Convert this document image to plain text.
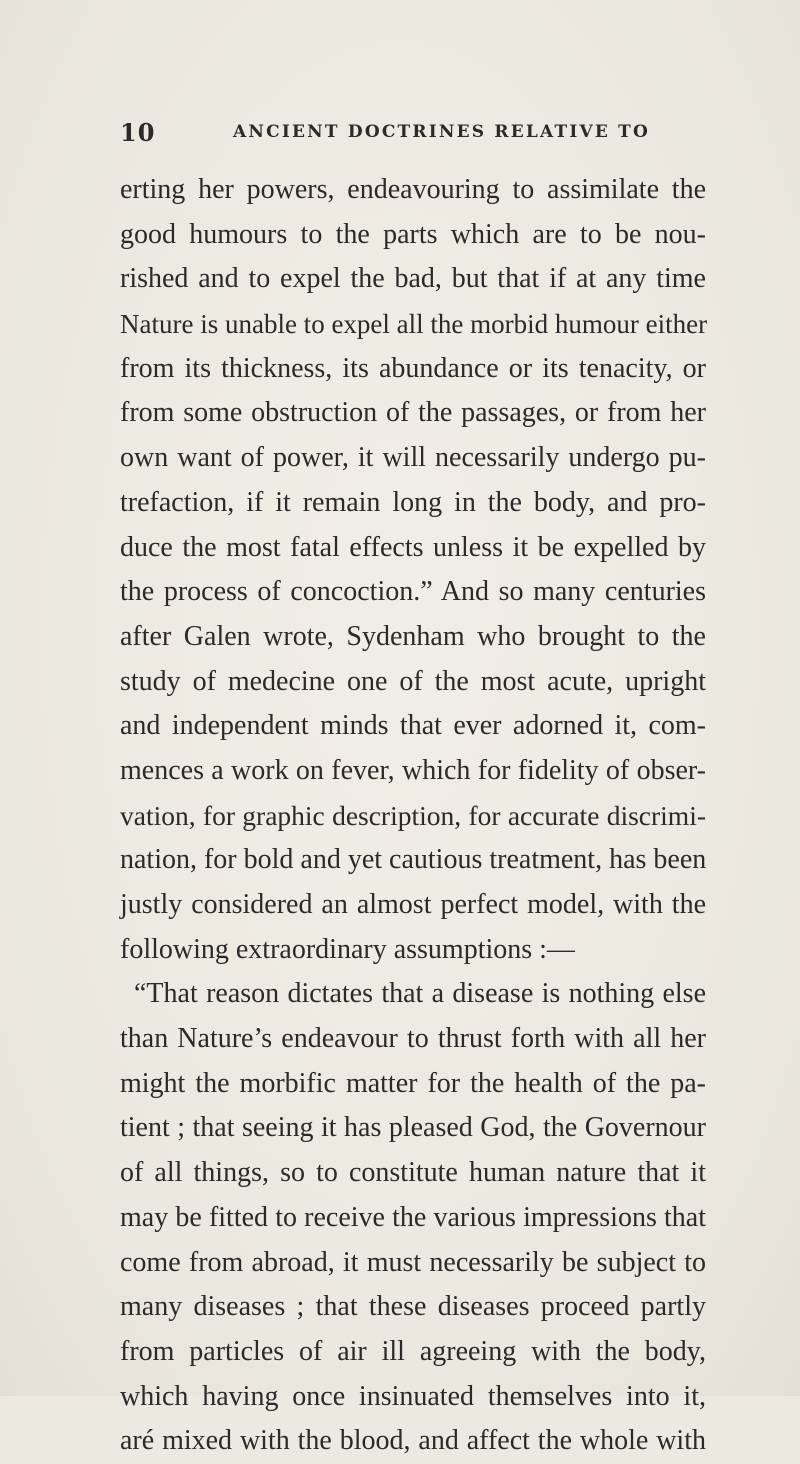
10	ANCIENT DOCTRINES RELATIVE TO
erting her powers, endeavouring to assimilate the
good humours to the parts which are to be nou-
rished and to expel the bad, but that if at any time
Nature is unable to expel all the morbid humour either
from its thickness, its abundance or its tenacity, or
from some obstruction of the passages, or from her
own want of power, it will necessarily undergo pu-
trefaction, if it remain long in the body, and pro-
duce the most fatal effects unless it be expelled by
the process of concoction.” And so many centuries
after Galen wrote, Sydenham who brought to the
study of medecine one of the most acute, upright
and independent minds that ever adorned it, com-
mences a work on fever, which for fidelity of obser-
vation, for graphic description, for accurate discrimi-
nation, for bold and yet cautious treatment, has been
justly considered an almost perfect model, with the
following extraordinary assumptions :—
“That reason dictates that a disease is nothing else
than Nature’s endeavour to thrust forth with all her
might the morbific matter for the health of the pa-
tient ; that seeing it has pleased God, the Governour
of all things, so to constitute human nature that it
may be fitted to receive the various impressions that
come from abroad, it must necessarily be subject to
many diseases ; that these diseases proceed partly
from particles of air ill agreeing with the body,
which having once insinuated themselves into it,
aré mixed with the blood, and affect the whole with
